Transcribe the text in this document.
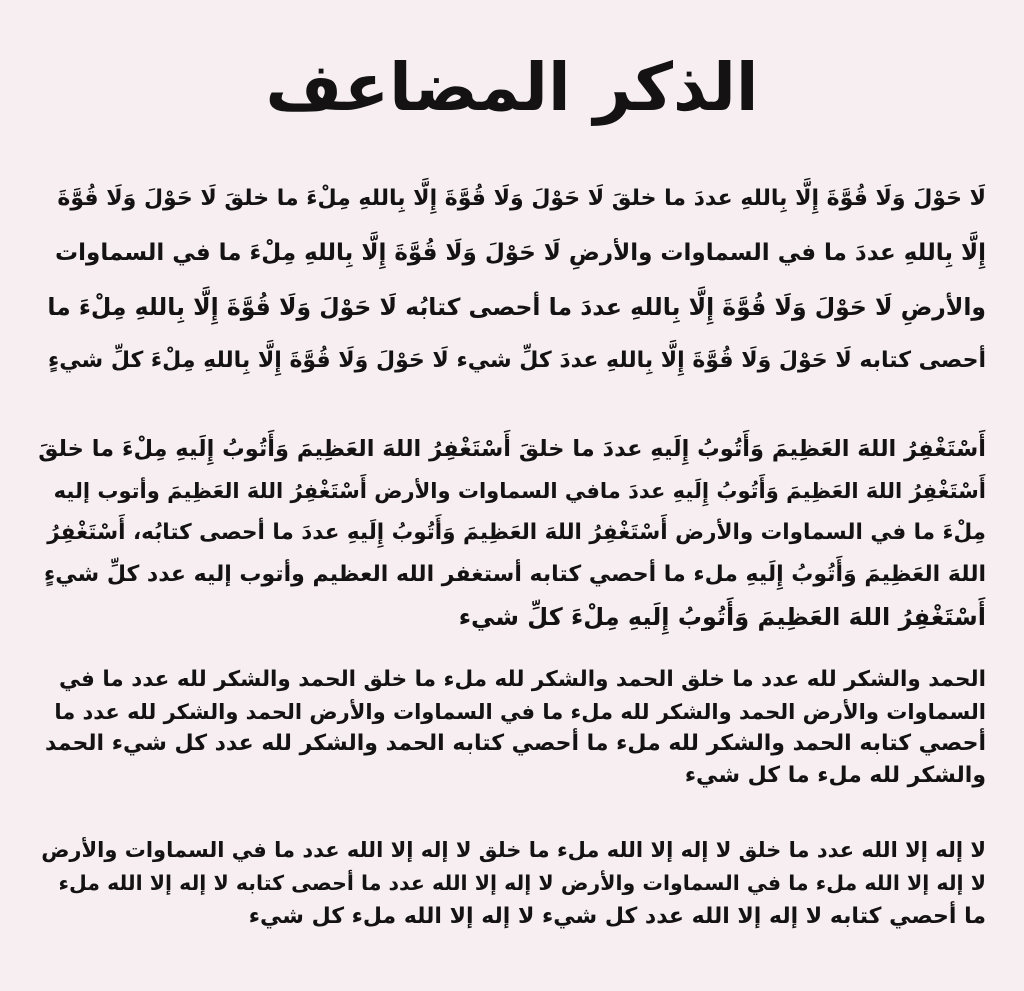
الذكر المضاعف
لَا حَوْلَ وَلَا قُوَّةَ إِلَّا بِاللهِ عددَ ما خلقَ لَا حَوْلَ وَلَا قُوَّةَ إِلَّا بِاللهِ مِلْءَ ما خلقَ لَا حَوْلَ وَلَا قُوَّةَ
إِلَّا بِاللهِ عددَ ما في السماوات والأرضِ لَا حَوْلَ وَلَا قُوَّةَ إِلَّا بِاللهِ مِلْءَ ما في السماوات
والأرضِ لَا حَوْلَ وَلَا قُوَّةَ إِلَّا بِاللهِ عددَ ما أحصى كتابُه لَا حَوْلَ وَلَا قُوَّةَ إِلَّا بِاللهِ مِلْءَ ما
أحصى كتابه لَا حَوْلَ وَلَا قُوَّةَ إِلَّا بِاللهِ عددَ كلِّ شيء لَا حَوْلَ وَلَا قُوَّةَ إِلَّا بِاللهِ مِلْءَ كلِّ شيءٍ
أَسْتَغْفِرُ اللهَ العَظِيمَ وَأَتُوبُ إِلَيهِ عددَ ما خلقَ أَسْتَغْفِرُ اللهَ العَظِيمَ وَأَتُوبُ إِلَيهِ مِلْءَ ما خلقَ
أَسْتَغْفِرُ اللهَ العَظِيمَ وَأَتُوبُ إِلَيهِ عددَ مافي السماوات والأرض أَسْتَغْفِرُ اللهَ العَظِيمَ وأتوب إليه
مِلْءَ ما في السماوات والأرض أَسْتَغْفِرُ اللهَ العَظِيمَ وَأَتُوبُ إِلَيهِ عددَ ما أحصى كتابُه، أَسْتَغْفِرُ
اللهَ العَظِيمَ وَأَتُوبُ إِلَيهِ ملء ما أحصي كتابه أستغفر الله العظيم وأتوب إليه عدد كلِّ شيءٍ
أَسْتَغْفِرُ اللهَ العَظِيمَ وَأَتُوبُ إِلَيهِ مِلْءَ كلِّ شيء
الحمد والشكر لله عدد ما خلق الحمد والشكر لله ملء ما خلق الحمد والشكر لله عدد ما في
السماوات والأرض الحمد والشكر لله ملء ما في السماوات والأرض الحمد والشكر لله عدد ما
أحصي كتابه الحمد والشكر لله ملء ما أحصي كتابه الحمد والشكر لله عدد كل شيء الحمد
والشكر لله ملء ما كل شيء
لا إله إلا الله عدد ما خلق لا إله إلا الله ملء ما خلق لا إله إلا الله عدد ما في السماوات والأرض
لا إله إلا الله ملء ما في السماوات والأرض لا إله إلا الله عدد ما أحصى كتابه لا إله إلا الله ملء
ما أحصي كتابه لا إله إلا الله عدد كل شيء لا إله إلا الله ملء كل شيء
